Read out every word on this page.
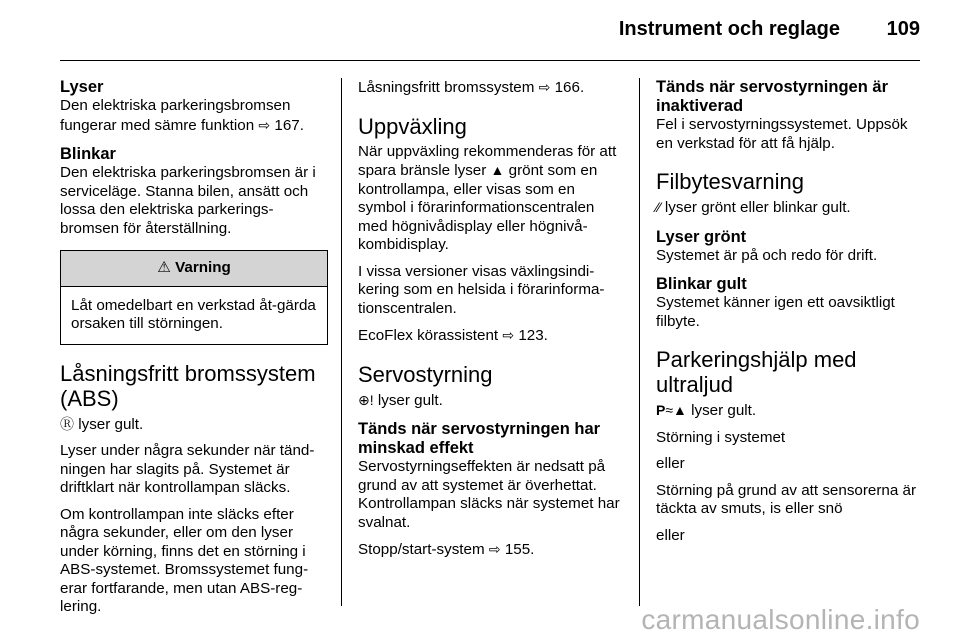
Instrument och reglage 109
Lyser

Den elektriska parkeringsbromsen fungerar med sämre funktion ⇨ 167.

Blinkar

Den elektriska parkeringsbromsen är i serviceläge. Stanna bilen, ansätt och lossa den elektriska parkerings-bromsen för återställning.

⚠ Varning
Låt omedelbart en verkstad åt-gärda orsaken till störningen.
Låsningsfritt bromssystem (ABS)

Ⓡ lyser gult.

Lyser under några sekunder när tänd-ningen har slagits på. Systemet är driftklart när kontrollampan släcks.

Om kontrollampan inte släcks efter några sekunder, eller om den lyser under körning, finns det en störning i ABS-systemet. Bromssystemet fung-erar fortfarande, men utan ABS-reg-lering.

Låsningsfritt bromssystem ⇨ 166.

Uppväxling

När uppväxling rekommenderas för att spara bränsle lyser ▲ grönt som en kontrollampa, eller visas som en symbol i förarinformationscentralen med högnivådisplay eller högnivå-kombidisplay.

I vissa versioner visas växlingsindi-kering som en helsida i förarinforma-tionscentralen.

EcoFlex körassistent ⇨ 123.

Servostyrning

⊕! lyser gult.

Tänds när servostyrningen har minskad effekt

Servostyrningseffekten är nedsatt på grund av att systemet är överhettat. Kontrollampan släcks när systemet har svalnat.

Stopp/start-system ⇨ 155.

Tänds när servostyrningen är inaktiverad

Fel i servostyrningssystemet. Uppsök en verkstad för att få hjälp.

Filbytesvarning

⁄⁄ lyser grönt eller blinkar gult.

Lyser grönt

Systemet är på och redo för drift.

Blinkar gult

Systemet känner igen ett oavsiktligt filbyte.

Parkeringshjälp med ultraljud

P≈▲ lyser gult.

Störning i systemet

eller

Störning på grund av att sensorerna är täckta av smuts, is eller snö

eller

carmanualsonline.info
